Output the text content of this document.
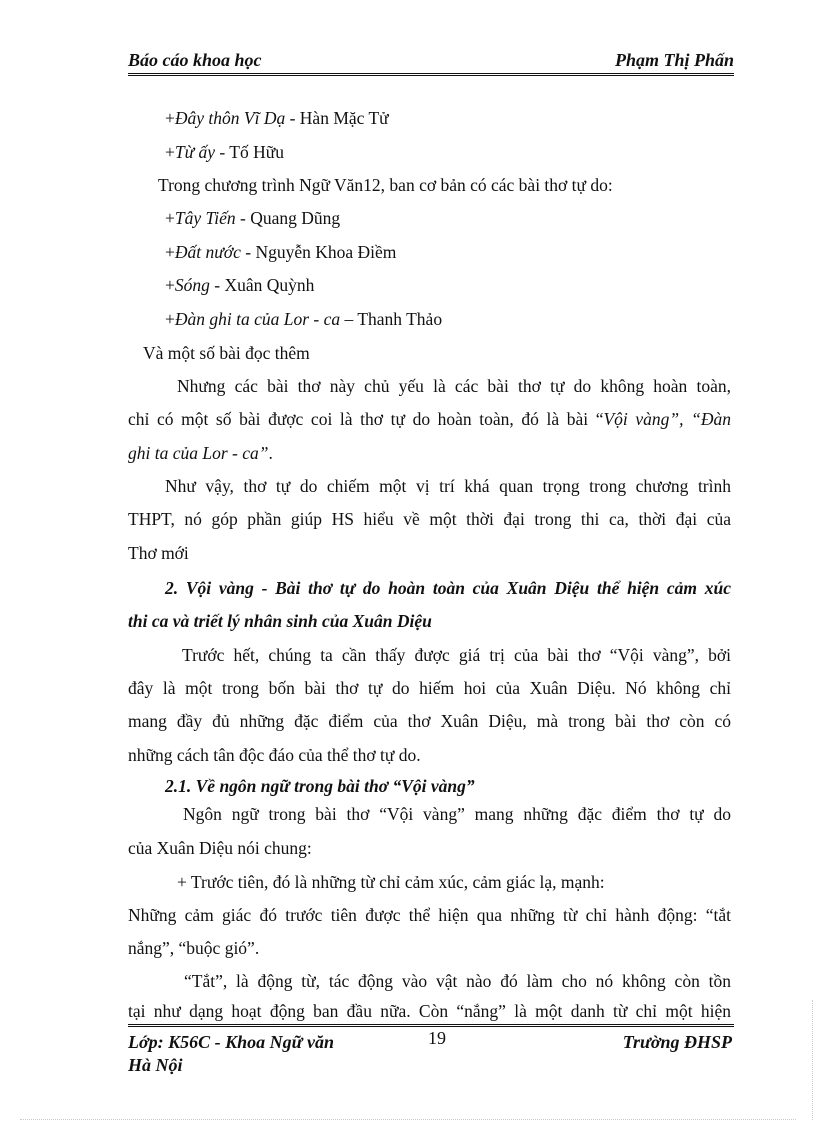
Báo cáo khoa học	Phạm Thị Phấn
+Đây thôn Vĩ Dạ - Hàn Mặc Tử
+Từ ấy - Tố Hữu
Trong chương trình Ngữ Văn12, ban cơ bản có các bài thơ tự do:
+Tây Tiến - Quang Dũng
+Đất nước - Nguyễn Khoa Điềm
+Sóng - Xuân Quỳnh
+Đàn ghi ta của Lor - ca – Thanh Thảo
Và một số bài đọc thêm
Nhưng các bài thơ này chủ yếu là các bài thơ tự do không hoàn toàn,
chỉ có một số bài được coi là thơ tự do hoàn toàn, đó là bài “Vội vàng”, “Đàn
ghi ta của Lor - ca”.
Như vậy, thơ tự do chiếm một vị trí khá quan trọng trong chương trình
THPT, nó góp phần giúp HS hiểu về một thời đại trong thi ca, thời đại của
Thơ mới
2. Vội vàng - Bài thơ tự do hoàn toàn của Xuân Diệu thể hiện cảm xúc
thi ca và triết lý nhân sinh của Xuân Diệu
Trước hết, chúng ta cần thấy được giá trị của bài thơ “Vội vàng”, bởi
đây là một trong bốn bài thơ tự do hiếm hoi của Xuân Diệu. Nó không chỉ
mang đầy đủ những đặc điểm của thơ Xuân Diệu, mà trong bài thơ còn có
những cách tân độc đáo của thể thơ tự do.
2.1. Về ngôn ngữ trong bài thơ “Vội vàng”
Ngôn ngữ trong bài thơ “Vội vàng” mang những đặc điểm thơ tự do
của Xuân Diệu nói chung:
+ Trước tiên, đó là những từ chỉ cảm xúc, cảm giác lạ, mạnh:
Những cảm giác đó trước tiên được thể hiện qua những từ chỉ hành động: “tắt
nắng”, “buộc gió”.
“Tắt”, là động từ, tác động vào vật nào đó làm cho nó không còn tồn
tại như dạng hoạt động ban đầu nữa. Còn “nắng” là một danh từ chỉ một hiện
Lớp: K56C - Khoa Ngữ văn
Hà Nội
19	Trường ĐHSP
